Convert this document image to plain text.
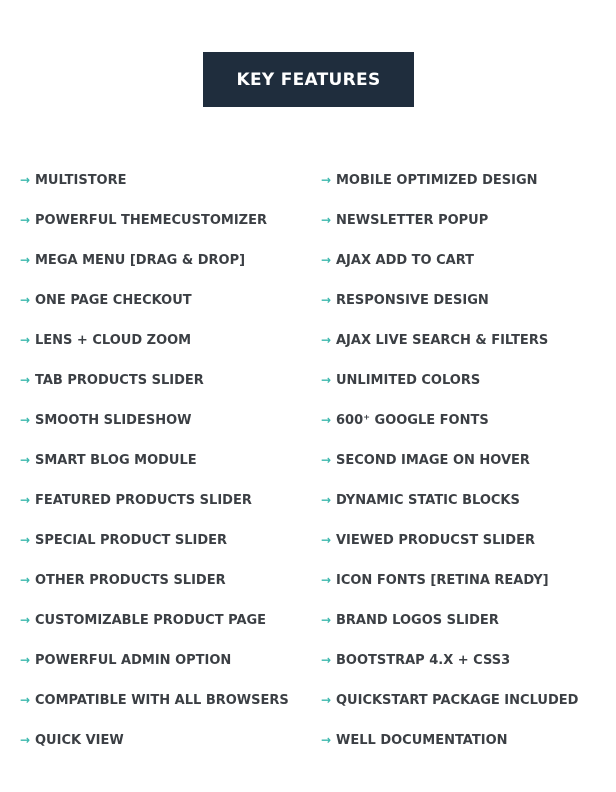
KEY FEATURES
→ MULTISTORE
→ POWERFUL THEMECUSTOMIZER
→ MEGA MENU [DRAG & DROP]
→ ONE PAGE CHECKOUT
→ LENS + CLOUD ZOOM
→ TAB PRODUCTS SLIDER
→ SMOOTH SLIDESHOW
→ SMART BLOG MODULE
→ FEATURED PRODUCTS SLIDER
→ SPECIAL PRODUCT SLIDER
→ OTHER PRODUCTS SLIDER
→ CUSTOMIZABLE PRODUCT PAGE
→ POWERFUL ADMIN OPTION
→ COMPATIBLE WITH ALL BROWSERS
→ QUICK VIEW
→ MOBILE OPTIMIZED DESIGN
→ NEWSLETTER POPUP
→ AJAX ADD TO CART
→ RESPONSIVE DESIGN
→ AJAX LIVE SEARCH & FILTERS
→ UNLIMITED COLORS
→ 600⁺ GOOGLE FONTS
→ SECOND IMAGE ON HOVER
→ DYNAMIC STATIC BLOCKS
→ VIEWED PRODUCST SLIDER
→ ICON FONTS [RETINA READY]
→ BRAND LOGOS SLIDER
→ BOOTSTRAP 4.X + CSS3
→ QUICKSTART PACKAGE INCLUDED
→ WELL DOCUMENTATION
